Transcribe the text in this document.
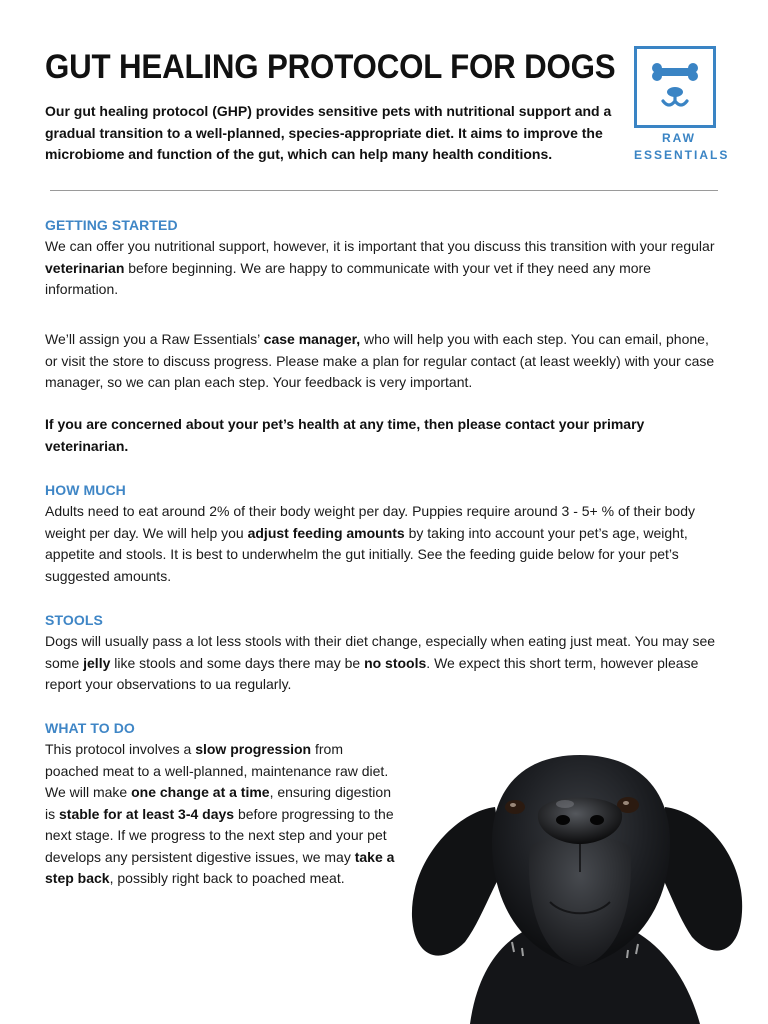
GUT HEALING PROTOCOL FOR DOGS

Our gut healing protocol (GHP) provides sensitive pets with nutritional support and a gradual transition to a well-planned, species-appropriate diet. It aims to improve the microbiome and function of the gut, which can help many health conditions.

RAW
ESSENTIALS
GETTING STARTED

We can offer you nutritional support, however, it is important that you discuss this transition with your regular veterinarian before beginning. We are happy to communicate with your vet if they need any more information.

We’ll assign you a Raw Essentials’ case manager, who will help you with each step. You can email, phone, or visit the store to discuss progress. Please make a plan for regular contact (at least weekly) with your case manager, so we can plan each step. Your feedback is very important.

If you are concerned about your pet’s health at any time, then please contact your primary veterinarian.

HOW MUCH

Adults need to eat around 2% of their body weight per day. Puppies require around 3 - 5+ % of their body weight per day. We will help you adjust feeding amounts by taking into account your pet’s age, weight, appetite and stools. It is best to underwhelm the gut initially. See the feeding guide below for your pet’s suggested amounts.

STOOLS

Dogs will usually pass a lot less stools with their diet change, especially when eating just meat. You may see some jelly like stools and some days there may be no stools. We expect this short term, however please report your observations to ua regularly.

WHAT TO DO

This protocol involves a slow progression from poached meat to a well-planned, maintenance raw diet. We will make one change at a time, ensuring digestion is stable for at least 3-4 days before progressing to the next stage. If we progress to the next step and your pet develops any persistent digestive issues, we may take a step back, possibly right back to poached meat.
